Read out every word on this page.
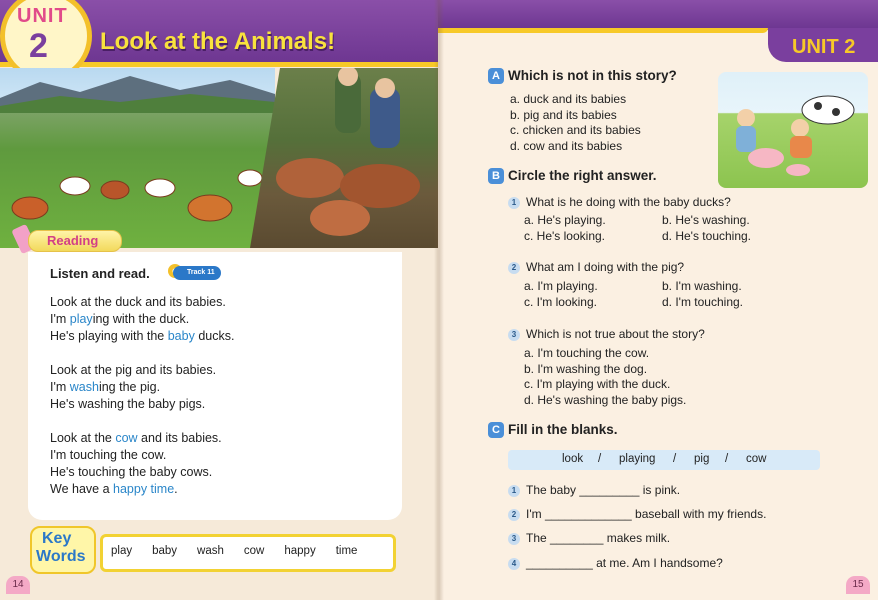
UNIT
2 Look at the Animals!
Reading
Listen and read.	Track 11
Look at the duck and its babies.
I'm playing with the duck.
He's playing with the baby ducks.
Look at the pig and its babies.
I'm washing the pig.
He's washing the baby pigs.
Look at the cow and its babies.
I'm touching the cow.
He's touching the baby cows.
We have a happy time.
play baby wash cow happy time
Key
Words
14
UNIT 2
A Which is not in this story?
a. duck and its babies
b. pig and its babies
c. chicken and its babies
d. cow and its babies
B Circle the right answer.
1 What is he doing with the baby ducks?
a. He's playing.	b. He's washing.
c. He's looking.	d. He's touching.
2 What am I doing with the pig?
a. I'm playing.	b. I'm washing.
c. I'm looking.	d. I'm touching.
3 Which is not true about the story?
a. I'm touching the cow.
b. I'm washing the dog.
c. I'm playing with the duck.
d. He's washing the baby pigs.
C Fill in the blanks.
look / playing / pig / cow
1 The baby _________ is pink.
2 I'm _____________ baseball with my friends.
3 The ________ makes milk.
4 __________ at me. Am I handsome?
15
